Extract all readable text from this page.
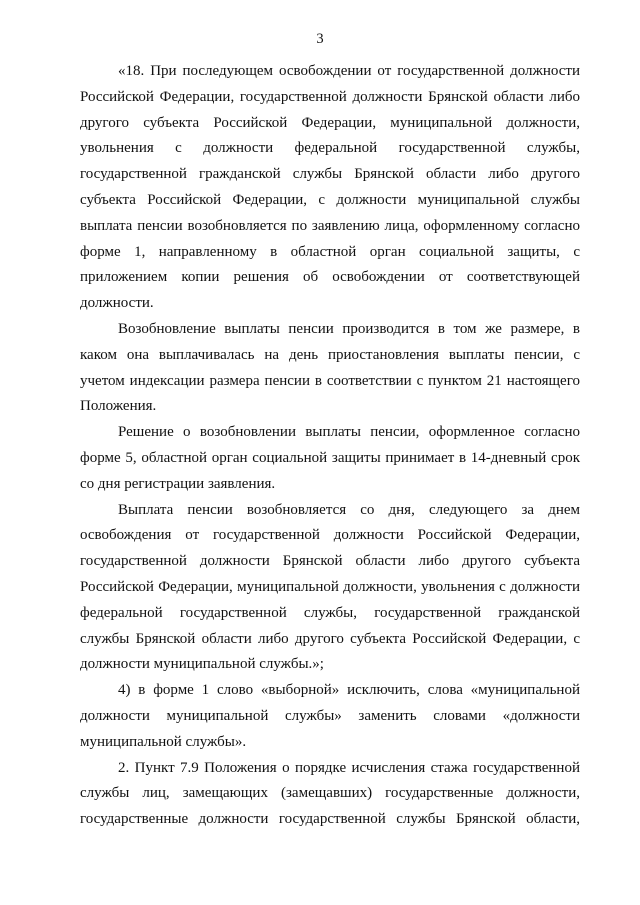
3
«18. При последующем освобождении от государственной должности
Российской Федерации, государственной должности Брянской области либо
другого субъекта Российской Федерации, муниципальной должности,
увольнения с должности федеральной государственной службы,
государственной гражданской службы Брянской области либо другого
субъекта Российской Федерации, с должности муниципальной службы
выплата пенсии возобновляется по заявлению лица, оформленному согласно
форме 1, направленному в областной орган социальной защиты, с
приложением копии решения об освобождении от соответствующей
должности.
Возобновление выплаты пенсии производится в том же размере, в
каком она выплачивалась на день приостановления выплаты пенсии, с
учетом индексации размера пенсии в соответствии с пунктом 21 настоящего
Положения.
Решение о возобновлении выплаты пенсии, оформленное согласно
форме 5, областной орган социальной защиты принимает в 14-дневный срок
со дня регистрации заявления.
Выплата пенсии возобновляется со дня, следующего за днем
освобождения от государственной должности Российской Федерации,
государственной должности Брянской области либо другого субъекта
Российской Федерации, муниципальной должности, увольнения с должности
федеральной государственной службы, государственной гражданской
службы Брянской области либо другого субъекта Российской Федерации, с
должности муниципальной службы.»;
4) в форме 1 слово «выборной» исключить, слова «муниципальной
должности муниципальной службы» заменить словами «должности
муниципальной службы».
2. Пункт 7.9 Положения о порядке исчисления стажа государственной
службы лиц, замещающих (замещавших) государственные должности,
государственные должности государственной службы Брянской области,
